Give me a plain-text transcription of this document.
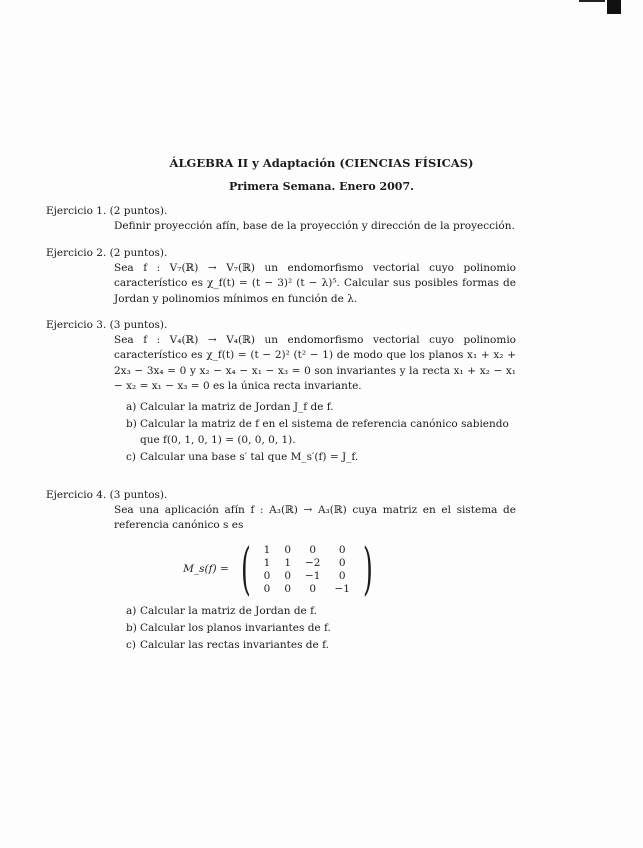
ÁLGEBRA II y Adaptación (CIENCIAS FÍSICAS)
Primera Semana. Enero 2007.
Ejercicio 1. (2 puntos).
Definir proyección afín, base de la proyección y dirección de la proyección.
Ejercicio 2. (2 puntos).
Sea f : V₇(ℝ) → V₇(ℝ) un endomorfismo vectorial cuyo polinomio característico es χ_f(t) = (t − 3)² (t − λ)⁵. Calcular sus posibles formas de Jordan y polinomios mínimos en función de λ.
Ejercicio 3. (3 puntos).
Sea f : V₄(ℝ) → V₄(ℝ) un endomorfismo vectorial cuyo polinomio característico es χ_f(t) = (t − 2)² (t² − 1) de modo que los planos x₁ + x₂ + 2x₃ − 3x₄ = 0 y x₂ − x₄ − x₁ − x₃ = 0 son invariantes y la recta x₁ + x₂ − x₁ − x₂ = x₁ − x₃ = 0 es la única recta invariante.
a) Calcular la matriz de Jordan J_f de f.
b) Calcular la matriz de f en el sistema de referencia canónico sabiendo que f(0, 1, 0, 1) = (0, 0, 0, 1).
c) Calcular una base s′ tal que M_s′(f) = J_f.
Ejercicio 4. (3 puntos).
Sea una aplicación afín f : A₃(ℝ) → A₃(ℝ) cuya matriz en el sistema de referencia canónico s es
M_s(f) = ( 1	0	0	0
1	1	−2	0
0	0	−1	0
0	0	0	−1 )
a) Calcular la matriz de Jordan de f.
b) Calcular los planos invariantes de f.
c) Calcular las rectas invariantes de f.
